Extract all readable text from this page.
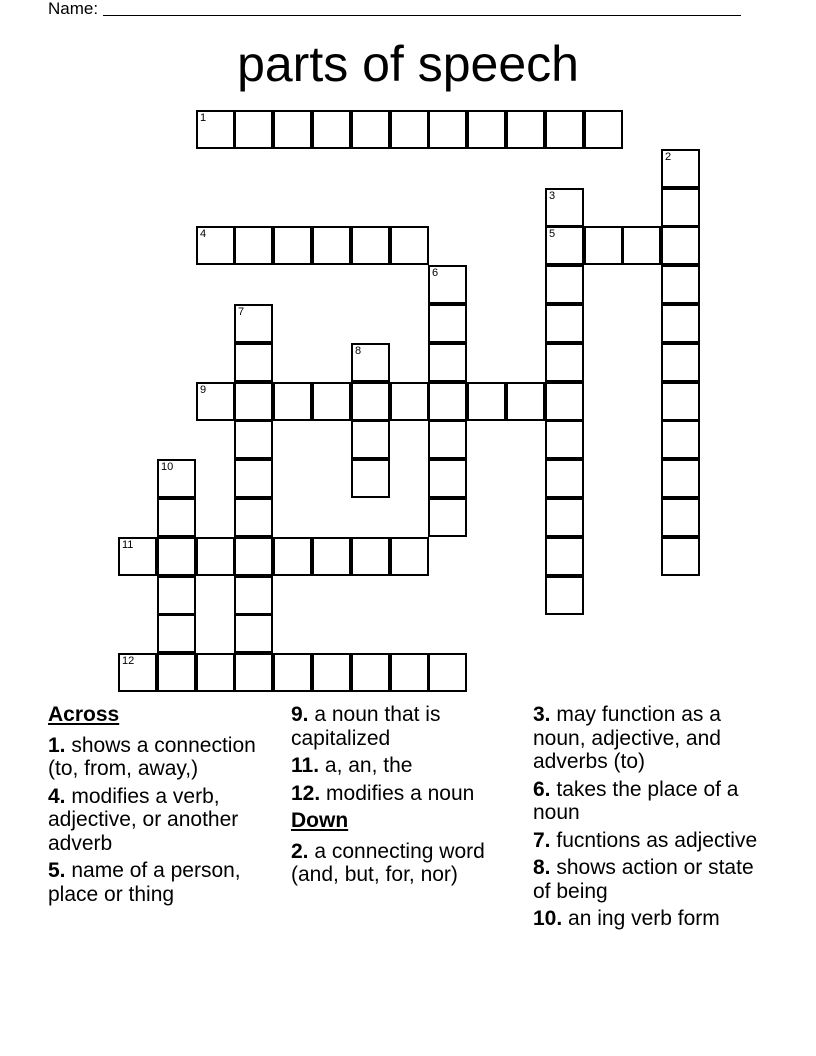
Name:
parts of speech
1
2
3
5
4
6
7
8
9
10
11
12
Across
1. shows a connection (to, from, away,)
4. modifies a verb, adjective, or another adverb
5. name of a person, place or thing
9. a noun that is capitalized
11. a, an, the
12. modifies a noun
Down
2. a connecting word (and, but, for, nor)
3. may function as a noun, adjective, and adverbs (to)
6. takes the place of a noun
7. fucntions as adjective
8. shows action or state of being
10. an ing verb form
